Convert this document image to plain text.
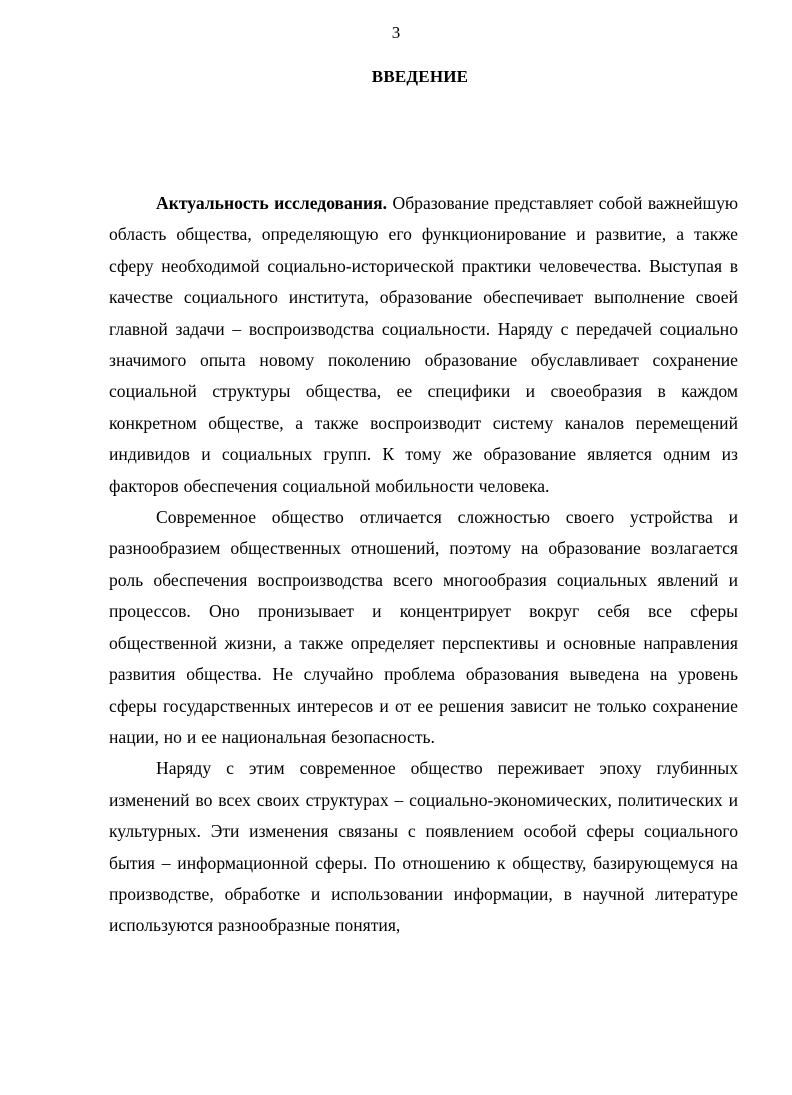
3
ВВЕДЕНИЕ

Актуальность исследования. Образование представляет собой важнейшую область общества, определяющую его функционирование и развитие, а также сферу необходимой социально-исторической практики человечества. Выступая в качестве социального института, образование обеспечивает выполнение своей главной задачи – воспроизводства социальности. Наряду с передачей социально значимого опыта новому поколению образование обуславливает сохранение социальной структуры общества, ее специфики и своеобразия в каждом конкретном обществе, а также воспроизводит систему каналов перемещений индивидов и социальных групп. К тому же образование является одним из факторов обеспечения социальной мобильности человека.

Современное общество отличается сложностью своего устройства и разнообразием общественных отношений, поэтому на образование возлагается роль обеспечения воспроизводства всего многообразия социальных явлений и процессов. Оно пронизывает и концентрирует вокруг себя все сферы общественной жизни, а также определяет перспективы и основные направления развития общества. Не случайно проблема образования выведена на уровень сферы государственных интересов и от ее решения зависит не только сохранение нации, но и ее национальная безопасность.

Наряду с этим современное общество переживает эпоху глубинных изменений во всех своих структурах – социально-экономических, политических и культурных. Эти изменения связаны с появлением особой сферы социального бытия – информационной сферы. По отношению к обществу, базирующемуся на производстве, обработке и использовании информации, в научной литературе используются разнообразные понятия,
